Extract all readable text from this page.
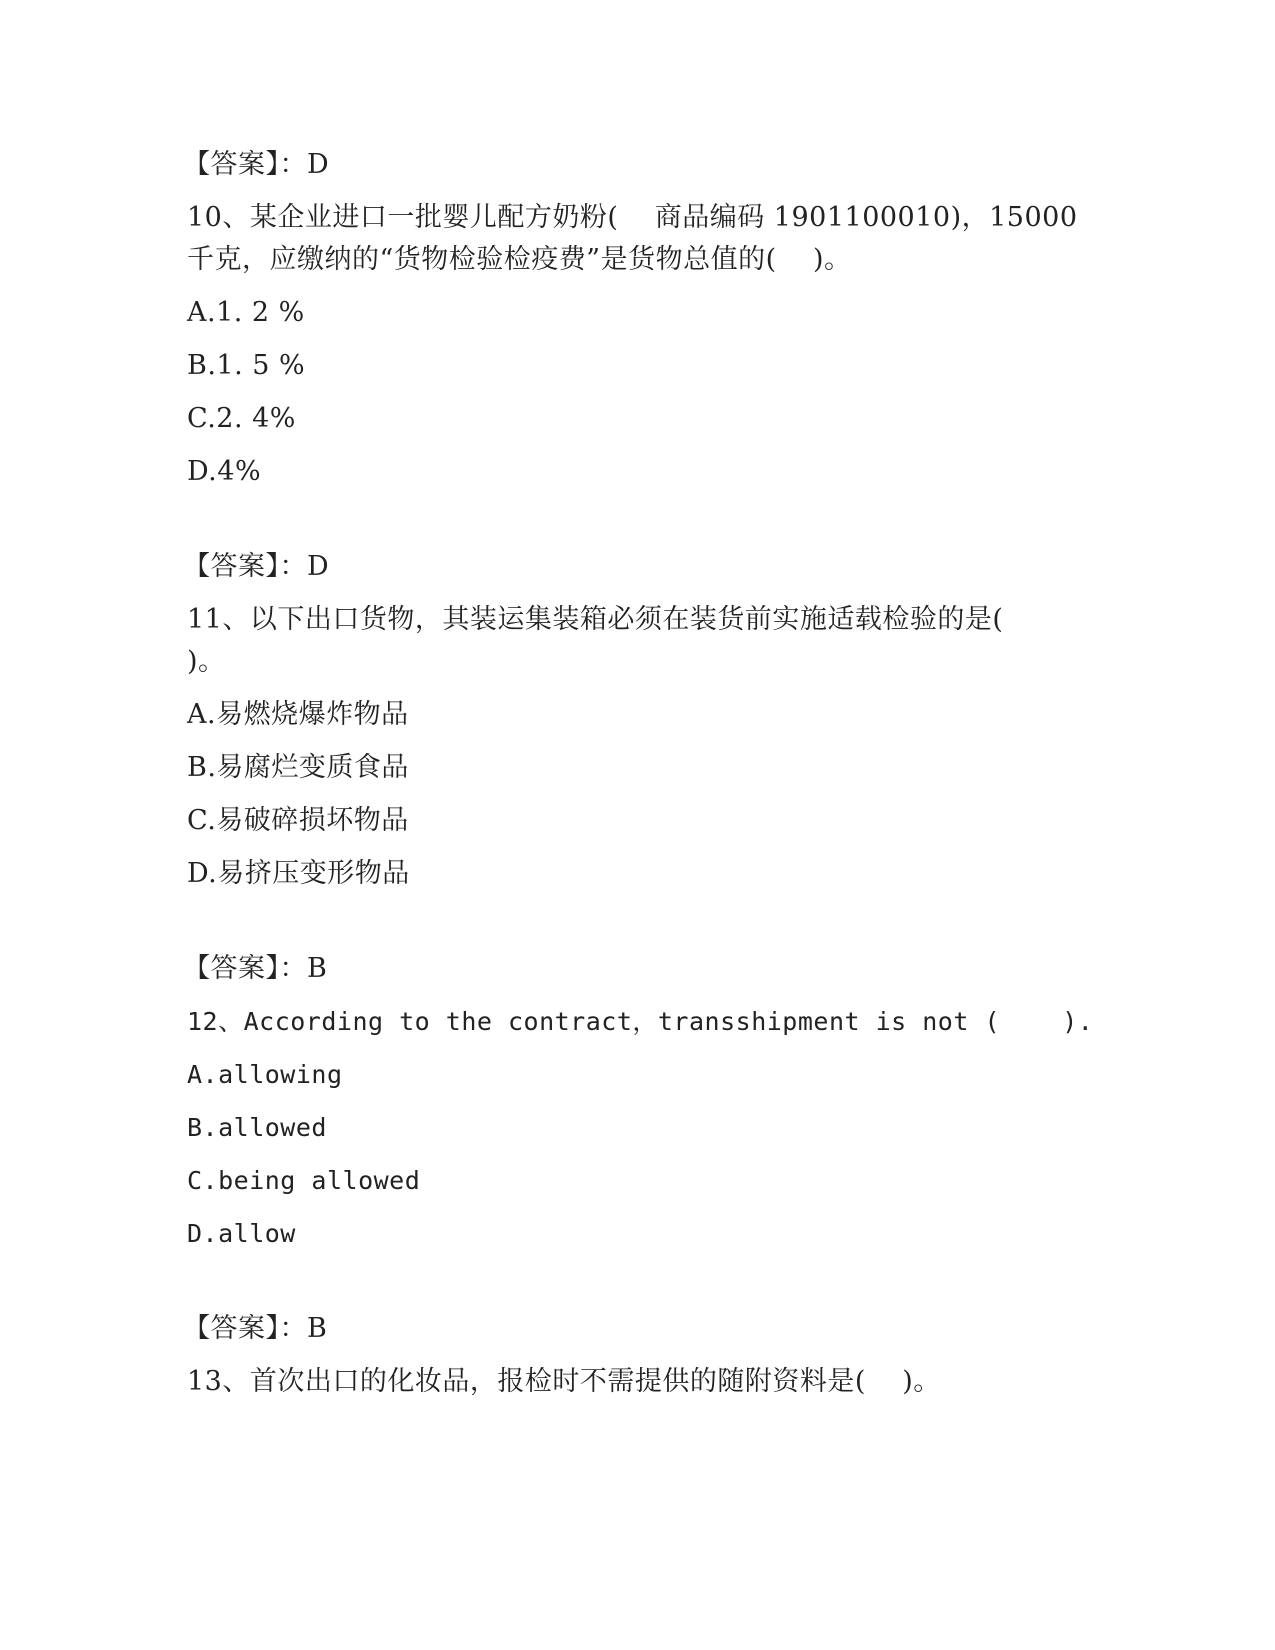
【答案】：D
10、某企业进口一批婴儿配方奶粉(    商品编码 1901100010)，15000
千克，应缴纳的“货物检验检疫费”是货物总值的(    )。
A.1. 2 %
B.1. 5 %
C.2. 4%
D.4%
【答案】：D
11、以下出口货物，其装运集装箱必须在装货前实施适载检验的是(
)。
A.易燃烧爆炸物品
B.易腐烂变质食品
C.易破碎损坏物品
D.易挤压变形物品
【答案】：B
12、According to the contract，transshipment is not (    ).
A.allowing
B.allowed
C.being allowed
D.allow
【答案】：B
13、首次出口的化妆品，报检时不需提供的随附资料是(    )。
